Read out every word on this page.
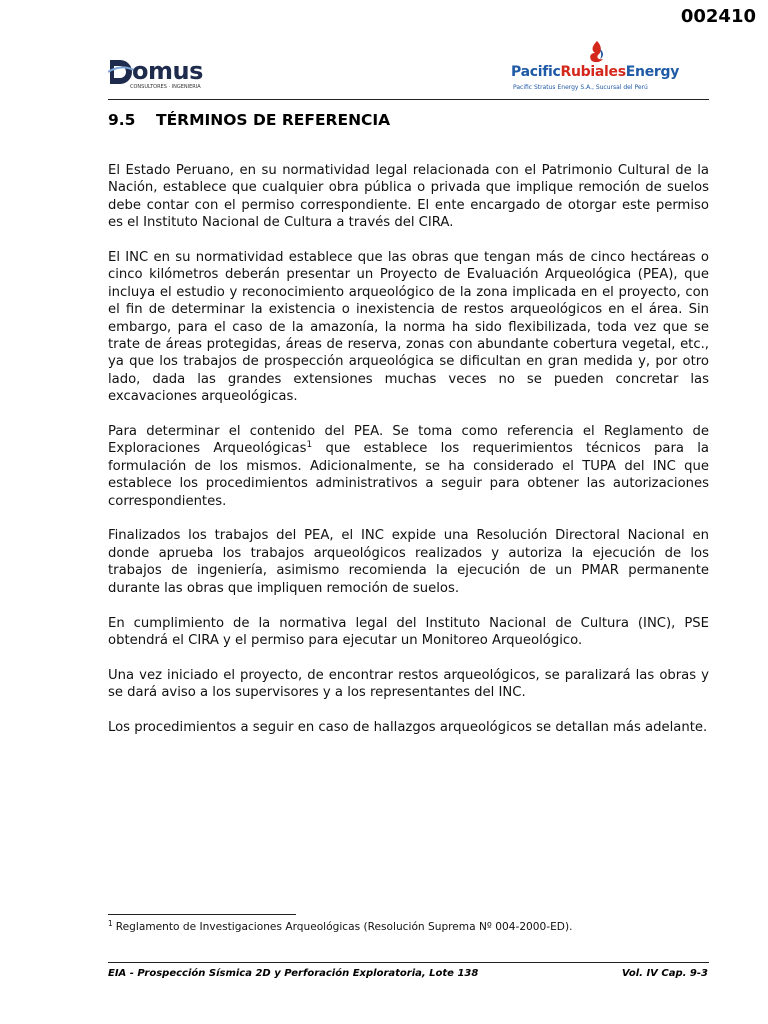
002410
omus
CONSULTORES · INGENIERIA
PacificRubialesEnergy
Pacific Stratus Energy S.A., Sucursal del Perú
9.5 TÉRMINOS DE REFERENCIA

El Estado Peruano, en su normatividad legal relacionada con el Patrimonio Cultural de la Nación, establece que cualquier obra pública o privada que implique remoción de suelos debe contar con el permiso correspondiente. El ente encargado de otorgar este permiso es el Instituto Nacional de Cultura a través del CIRA.

El INC en su normatividad establece que las obras que tengan más de cinco hectáreas o cinco kilómetros deberán presentar un Proyecto de Evaluación Arqueológica (PEA), que incluya el estudio y reconocimiento arqueológico de la zona implicada en el proyecto, con el fin de determinar la existencia o inexistencia de restos arqueológicos en el área. Sin embargo, para el caso de la amazonía, la norma ha sido flexibilizada, toda vez que se trate de áreas protegidas, áreas de reserva, zonas con abundante cobertura vegetal, etc., ya que los trabajos de prospección arqueológica se dificultan en gran medida y, por otro lado, dada las grandes extensiones muchas veces no se pueden concretar las excavaciones arqueológicas.

Para determinar el contenido del PEA. Se toma como referencia el Reglamento de Exploraciones Arqueológicas$^1$ que establece los requerimientos técnicos para la formulación de los mismos. Adicionalmente, se ha considerado el TUPA del INC que establece los procedimientos administrativos a seguir para obtener las autorizaciones correspondientes.

Finalizados los trabajos del PEA, el INC expide una Resolución Directoral Nacional en donde aprueba los trabajos arqueológicos realizados y autoriza la ejecución de los trabajos de ingeniería, asimismo recomienda la ejecución de un PMAR permanente durante las obras que impliquen remoción de suelos.

En cumplimiento de la normativa legal del Instituto Nacional de Cultura (INC), PSE obtendrá el CIRA y el permiso para ejecutar un Monitoreo Arqueológico.

Una vez iniciado el proyecto, de encontrar restos arqueológicos, se paralizará las obras y se dará aviso a los supervisores y a los representantes del INC.

Los procedimientos a seguir en caso de hallazgos arqueológicos se detallan más adelante.

$^1$ Reglamento de Investigaciones Arqueológicas (Resolución Suprema Nº 004-2000-ED).
EIA - Prospección Sísmica 2D y Perforación Exploratoria, Lote 138	Vol. IV Cap. 9-3
